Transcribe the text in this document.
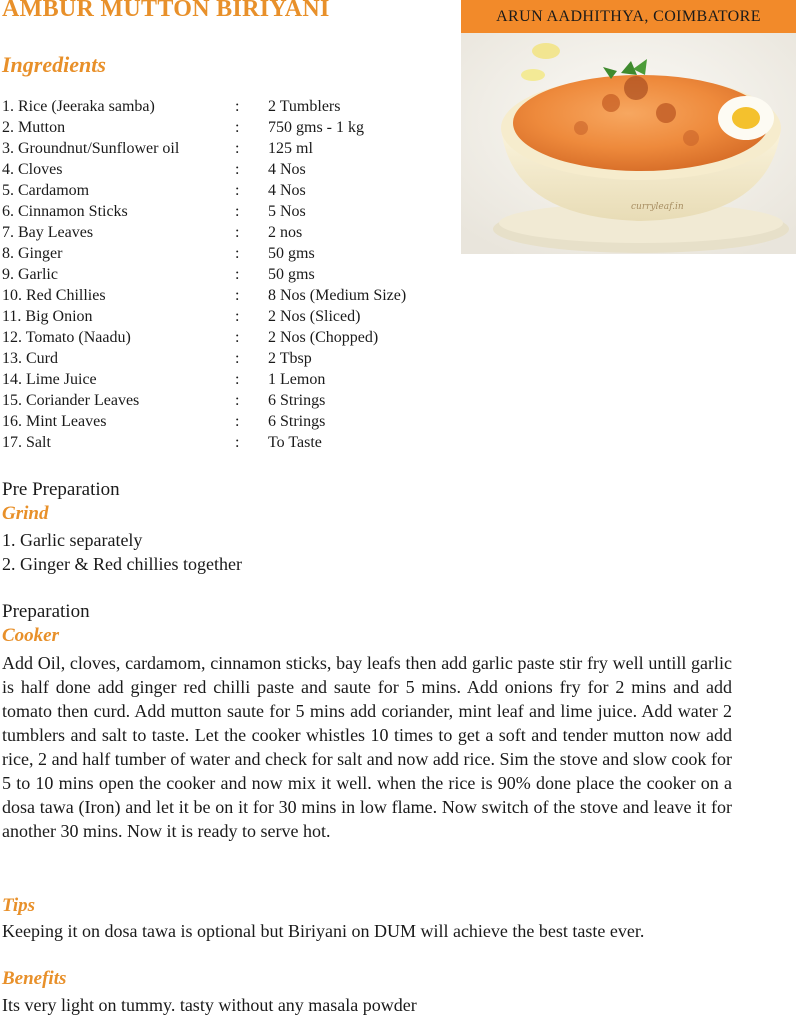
AMBUR MUTTON BIRIYANI	ARUN AADHITHYA, COIMBATORE
curryleaf.in
Ingredients
1. Rice (Jeeraka samba)	:	2 Tumblers
2. Mutton	:	750 gms - 1 kg
3. Groundnut/Sunflower oil	:	125 ml
4. Cloves	:	4 Nos
5. Cardamom	:	4 Nos
6. Cinnamon Sticks	:	5 Nos
7. Bay Leaves	:	2 nos
8. Ginger	:	50 gms
9. Garlic	:	50 gms
10. Red Chillies	:	8 Nos (Medium Size)
11. Big Onion	:	2 Nos (Sliced)
12. Tomato (Naadu)	:	2 Nos (Chopped)
13. Curd	:	2 Tbsp
14. Lime Juice	:	1 Lemon
15. Coriander Leaves	:	6 Strings
16. Mint Leaves	:	6 Strings
17. Salt	:	To Taste
Pre Preparation
Grind
1. Garlic separately
2. Ginger & Red chillies together
Preparation
Cooker

Add Oil, cloves, cardamom, cinnamon sticks, bay leafs then add garlic paste stir fry well untill garlic is half done add ginger red chilli paste and saute for 5 mins. Add onions fry for 2 mins and add tomato then curd. Add mutton saute for 5 mins add coriander, mint leaf and lime juice. Add water 2 tumblers and salt to taste. Let the cooker whistles 10 times to get a soft and tender mutton now add rice, 2 and half tumber of water and check for salt and now add rice. Sim the stove and slow cook for 5 to 10 mins open the cooker and now mix it well. when the rice is 90% done place the cooker on a dosa tawa (Iron) and let it be on it for 30 mins in low flame. Now switch of the stove and leave it for another 30 mins. Now it is ready to serve hot.

Tips

Keeping it on dosa tawa is optional but Biriyani on DUM will achieve the best taste ever.

Benefits

Its very light on tummy. tasty without any masala powder
